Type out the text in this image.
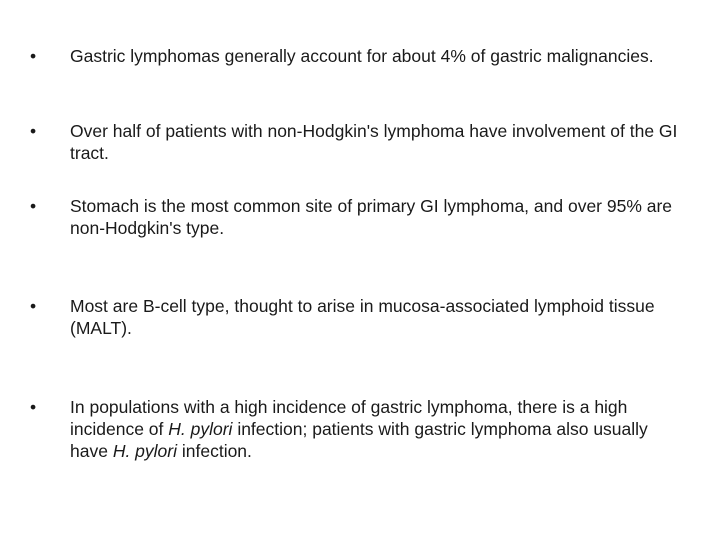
•	Gastric lymphomas generally account for about 4% of gastric malignancies.
•	Over half of patients with non-Hodgkin's lymphoma have involvement of the GI tract.
•	Stomach is the most common site of primary GI lymphoma, and over 95% are non-Hodgkin's type.
•	Most are B-cell type, thought to arise in mucosa-associated lymphoid tissue (MALT).
•	In populations with a high incidence of gastric lymphoma, there is a high incidence of H. pylori infection; patients with gastric lymphoma also usually have H. pylori infection.
